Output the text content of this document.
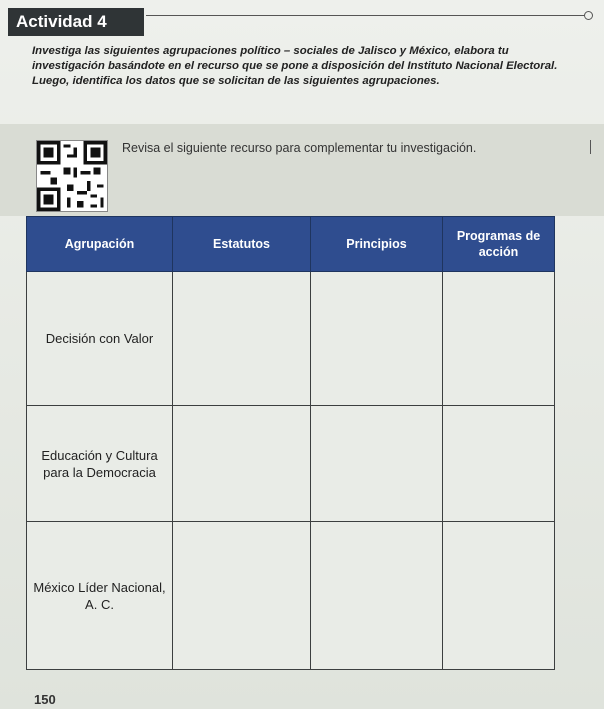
Actividad 4
Investiga las siguientes agrupaciones político – sociales de Jalisco y México, elabora tu investigación basándote en el recurso que se pone a disposición del Instituto Nacional Electoral. Luego, identifica los datos que se solicitan de las siguientes agrupaciones.
Revisa el siguiente recurso para complementar tu investigación.
Agrupación	Estatutos	Principios	Programas de acción
Decisión con Valor			
Educación y Cultura para la Democracia			
México Líder Nacional, A. C.			
150
